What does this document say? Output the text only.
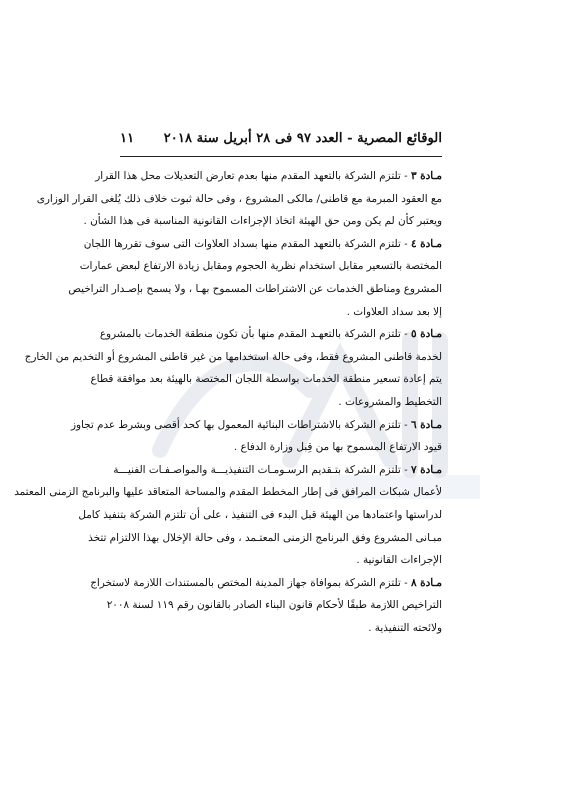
الوقائع المصرية - العدد ٩٧ فى ٢٨ أبريل سنة ٢٠١٨
١١
مـادة ٣ - تلتزم الشركة بالتعهد المقدم منها بعدم تعارض التعديلات محل هذا القرار
مع العقود المبرمة مع قاطنى/ مالكى المشروع ، وفى حالة ثبوت خلاف ذلك يُلغى القرار الوزارى
ويعتبر كأن لم يكن ومن حق الهيئة اتخاذ الإجراءات القانونية المناسبة فى هذا الشأن .
مـادة ٤ - تلتزم الشركة بالتعهد المقدم منها بسداد العلاوات التى سوف تقررها اللجان
المختصة بالتسعير مقابل استخدام نظرية الحجوم ومقابل زيادة الارتفاع لبعض عمارات
المشروع ومناطق الخدمات عن الاشتراطات المسموح بهـا ، ولا يسمح بإصـدار التراخيص
إلا بعد سداد العلاوات .
مـادة ٥ - تلتزم الشركة بالتعهـد المقدم منها بأن تكون منطقة الخدمات بالمشروع
لخدمة قاطنى المشروع فقط، وفى حالة استخدامها من غير قاطنى المشروع أو التخديم من الخارج
يتم إعادة تسعير منطقة الخدمات بواسطة اللجان المختصة بالهيئة بعد موافقة قطاع
التخطيط والمشروعات .
مـادة ٦ - تلتزم الشركة بالاشتراطات البنائية المعمول بها كحد أقصى وبشرط عدم تجاوز
قيود الارتفاع المسموح بها من قِبل وزارة الدفاع .
مـادة ٧ - تلتزم الشركة بتـقديم الرسـومـات التنفيذيـــة والمواصـفـات الفنيـــة
لأعمال شبكات المرافق فى إطار المخطط المقدم والمساحة المتعاقد عليها والبرنامج الزمنى المعتمد
لدراستها واعتمادها من الهيئة قبل البدء فى التنفيذ ، على أن تلتزم الشركة بتنفيذ كامل
مبـانى المشروع وفق البرنامج الزمنى المعتـمد ، وفى حالة الإخلال بهذا الالتزام تتخذ
الإجراءات القانونية .
مـادة ٨ - تلتزم الشركة بموافاة جهاز المدينة المختص بالمستندات اللازمة لاستخراج
التراخيص اللازمة طبقًا لأحكام قانون البناء الصادر بالقانون رقم ١١٩ لسنة ٢٠٠٨
ولائحته التنفيذية .
